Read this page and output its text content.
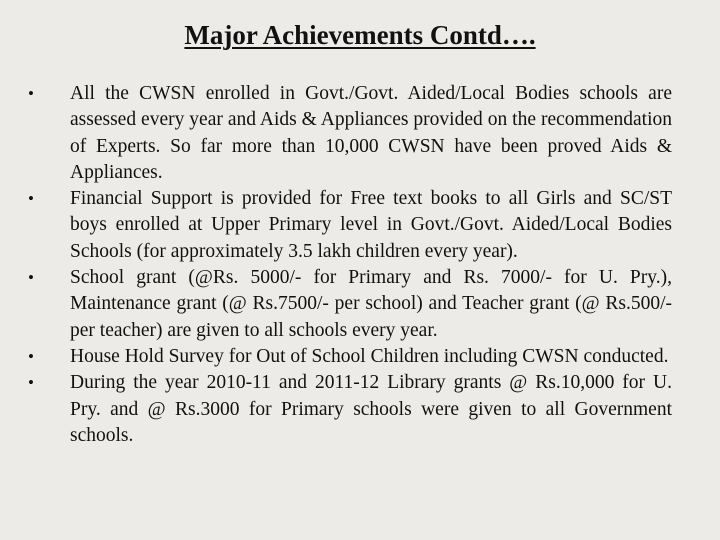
Major Achievements Contd….
•	All the CWSN enrolled in Govt./Govt. Aided/Local Bodies schools are assessed every year and Aids & Appliances provided on the recommendation of Experts. So far more than 10,000 CWSN have been proved Aids & Appliances.
•	Financial Support is provided for Free text books to all Girls and SC/ST boys enrolled at Upper Primary level in Govt./Govt. Aided/Local Bodies Schools (for approximately 3.5 lakh children every year).
•	School grant (@Rs. 5000/- for Primary and Rs. 7000/- for U. Pry.), Maintenance grant (@ Rs.7500/- per school) and Teacher grant (@ Rs.500/- per teacher) are given to all schools every year.
•	House Hold Survey for Out of School Children including CWSN conducted.
•	During the year 2010-11 and 2011-12 Library grants @ Rs.10,000 for U. Pry. and @ Rs.3000 for Primary schools were given to all Government schools.
